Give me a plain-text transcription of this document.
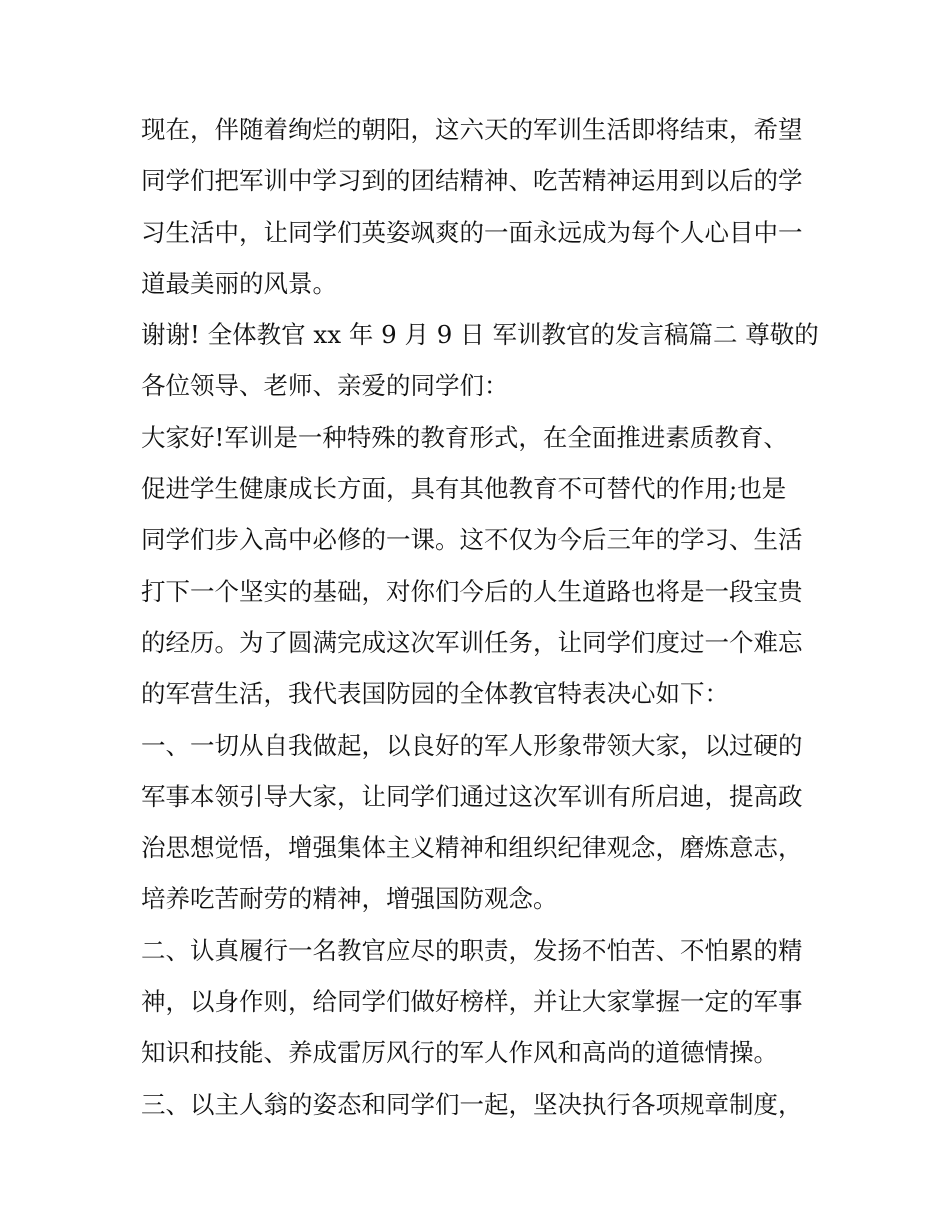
现在，伴随着绚烂的朝阳，这六天的军训生活即将结束，希望
同学们把军训中学习到的团结精神、吃苦精神运用到以后的学
习生活中，让同学们英姿飒爽的一面永远成为每个人心目中一
道最美丽的风景。
谢谢! 全体教官 xx 年 9 月 9 日 军训教官的发言稿篇二 尊敬的
各位领导、老师、亲爱的同学们：
大家好!军训是一种特殊的教育形式，在全面推进素质教育、
促进学生健康成长方面，具有其他教育不可替代的作用;也是
同学们步入高中必修的一课。这不仅为今后三年的学习、生活
打下一个坚实的基础，对你们今后的人生道路也将是一段宝贵
的经历。为了圆满完成这次军训任务，让同学们度过一个难忘
的军营生活，我代表国防园的全体教官特表决心如下：
一、一切从自我做起，以良好的军人形象带领大家，以过硬的
军事本领引导大家，让同学们通过这次军训有所启迪，提高政
治思想觉悟，增强集体主义精神和组织纪律观念，磨炼意志，
培养吃苦耐劳的精神，增强国防观念。
二、认真履行一名教官应尽的职责，发扬不怕苦、不怕累的精
神，以身作则，给同学们做好榜样，并让大家掌握一定的军事
知识和技能、养成雷厉风行的军人作风和高尚的道德情操。
三、以主人翁的姿态和同学们一起，坚决执行各项规章制度，
